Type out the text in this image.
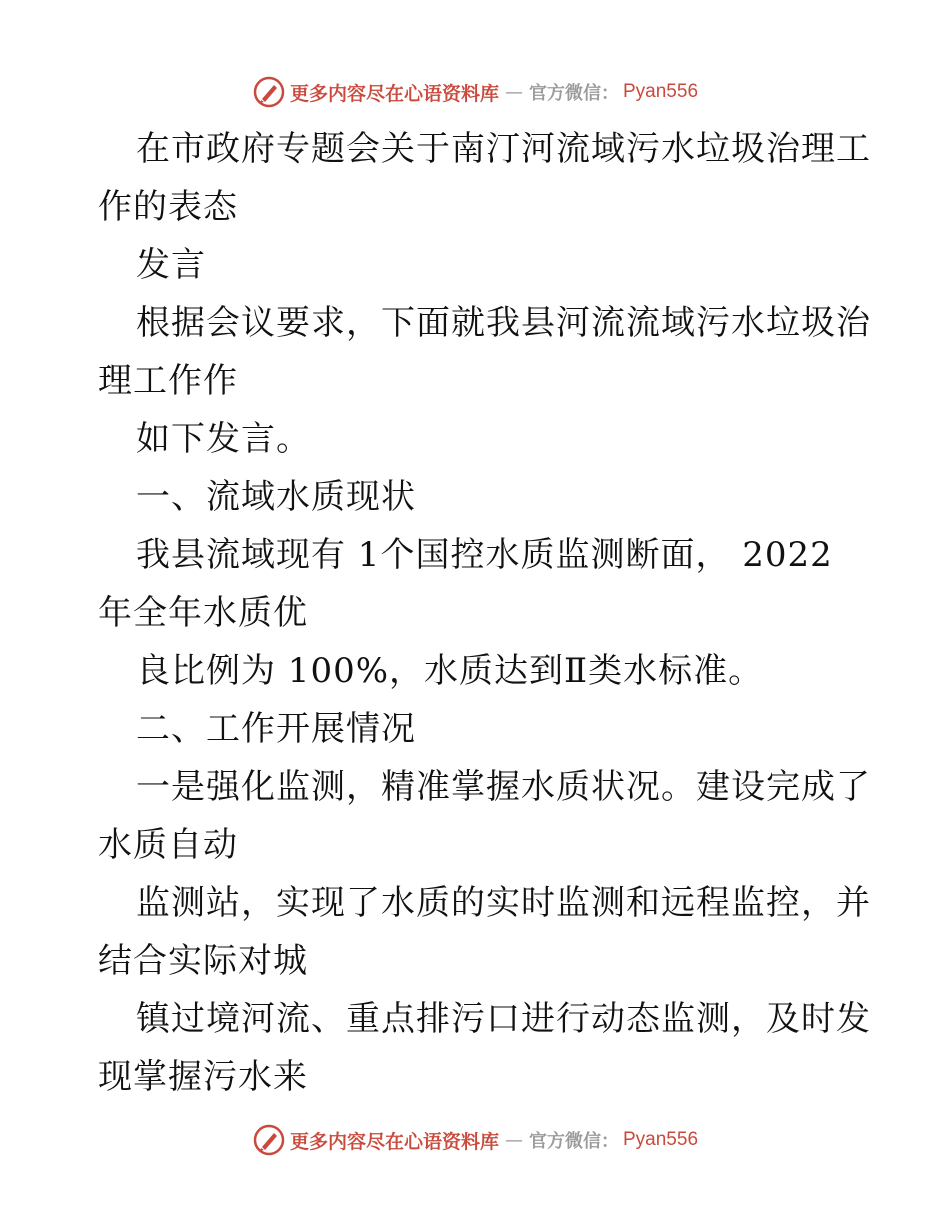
更多内容尽在心语资料库 — 官方微信： Pyan556
在市政府专题会关于南汀河流域污水垃圾治理工
作的表态
发言
根据会议要求，下面就我县河流流域污水垃圾治
理工作作
如下发言。
一、流域水质现状
我县流域现有 1个国控水质监测断面， 2022
年全年水质优
良比例为 100%，水质达到Ⅱ类水标准。
二、工作开展情况
一是强化监测，精准掌握水质状况。建设完成了
水质自动
监测站，实现了水质的实时监测和远程监控，并
结合实际对城
镇过境河流、重点排污口进行动态监测，及时发
现掌握污水来
更多内容尽在心语资料库 — 官方微信： Pyan556
